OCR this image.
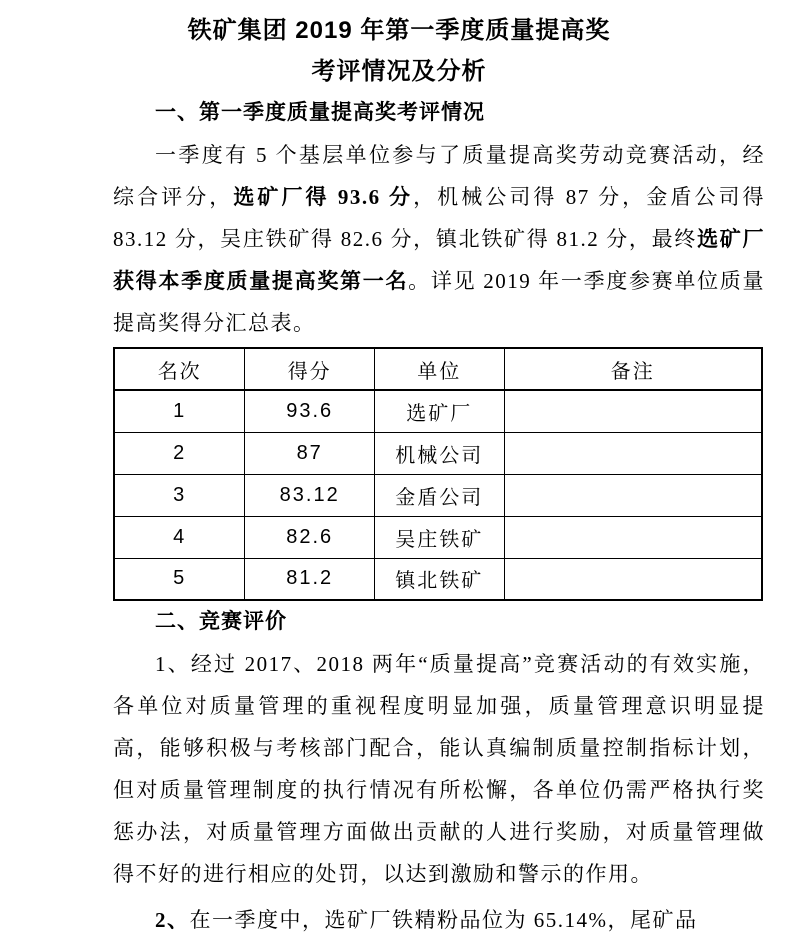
铁矿集团 2019 年第一季度质量提高奖
考评情况及分析
一、第一季度质量提高奖考评情况

一季度有 5 个基层单位参与了质量提高奖劳动竞赛活动，经综合评分，选矿厂得 93.6 分，机械公司得 87 分，金盾公司得 83.12 分，吴庄铁矿得 82.6 分，镇北铁矿得 81.2 分，最终选矿厂获得本季度质量提高奖第一名。详见 2019 年一季度参赛单位质量提高奖得分汇总表。

名次	得分	单位	备注
1	93.6	选矿厂	
2	87	机械公司	
3	83.12	金盾公司	
4	82.6	吴庄铁矿	
5	81.2	镇北铁矿	
二、竞赛评价

1、经过 2017、2018 两年“质量提高”竞赛活动的有效实施，各单位对质量管理的重视程度明显加强，质量管理意识明显提高，能够积极与考核部门配合，能认真编制质量控制指标计划，但对质量管理制度的执行情况有所松懈，各单位仍需严格执行奖惩办法，对质量管理方面做出贡献的人进行奖励，对质量管理做得不好的进行相应的处罚，以达到激励和警示的作用。

2、在一季度中，选矿厂铁精粉品位为 65.14%，尾矿品
